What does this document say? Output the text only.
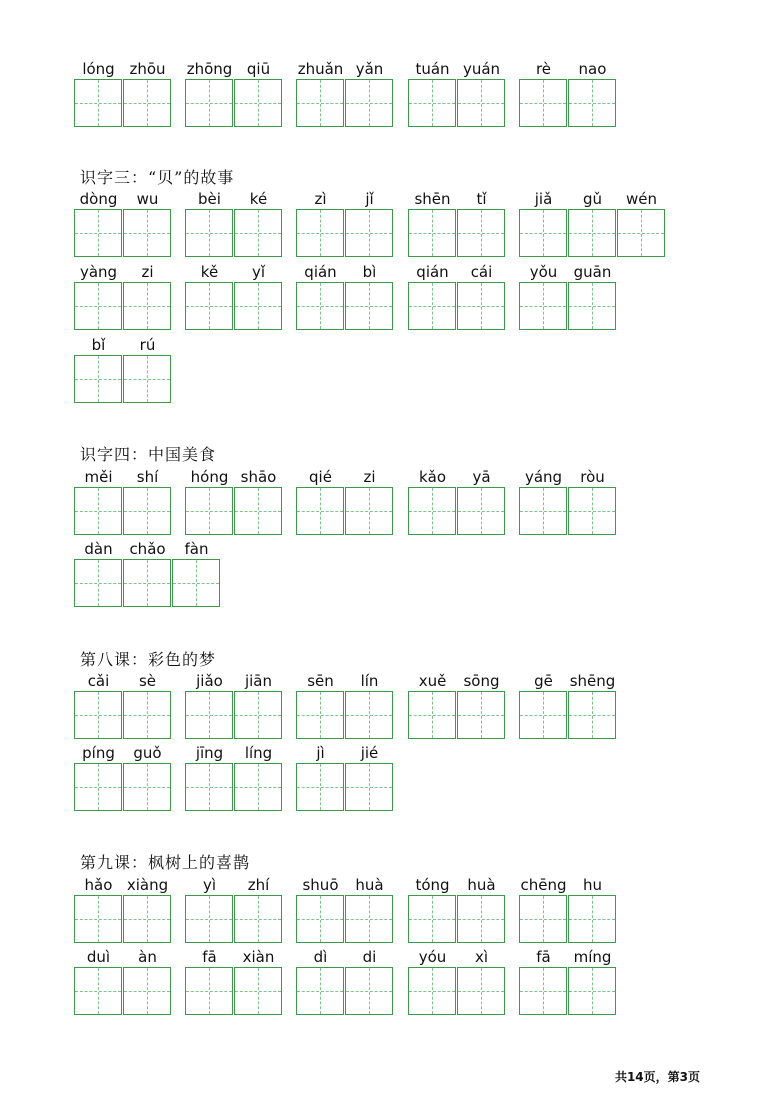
lóng zhōu	zhōng qiū	zhuǎn yǎn	tuán yuán	rè	nao
识字三：“贝”的故事
dòng	wu	bèi	ké	zì	jǐ	shēn	tǐ	jiǎ	gǔ	wén
yàng	zi	kě	yǐ	qián	bì	qián	cái	yǒu	guān
bǐ	rú
识字四：中国美食
měi	shí	hóng shāo	qié	zi	kǎo	yā	yáng	ròu
dàn	chǎo	fàn
第八课：彩色的梦
cǎi	sè	jiǎo	jiān	sēn	lín	xuě	sōng	gē	shēng
píng	guǒ	jīng	líng	jì	jié
第九课：枫树上的喜鹊
hǎo xiàng	yì	zhí	shuō	huà	tóng	huà	chēng	hu
duì	àn	fā	xiàn	dì	di	yóu	xì	fā	míng
共14页，第3页
